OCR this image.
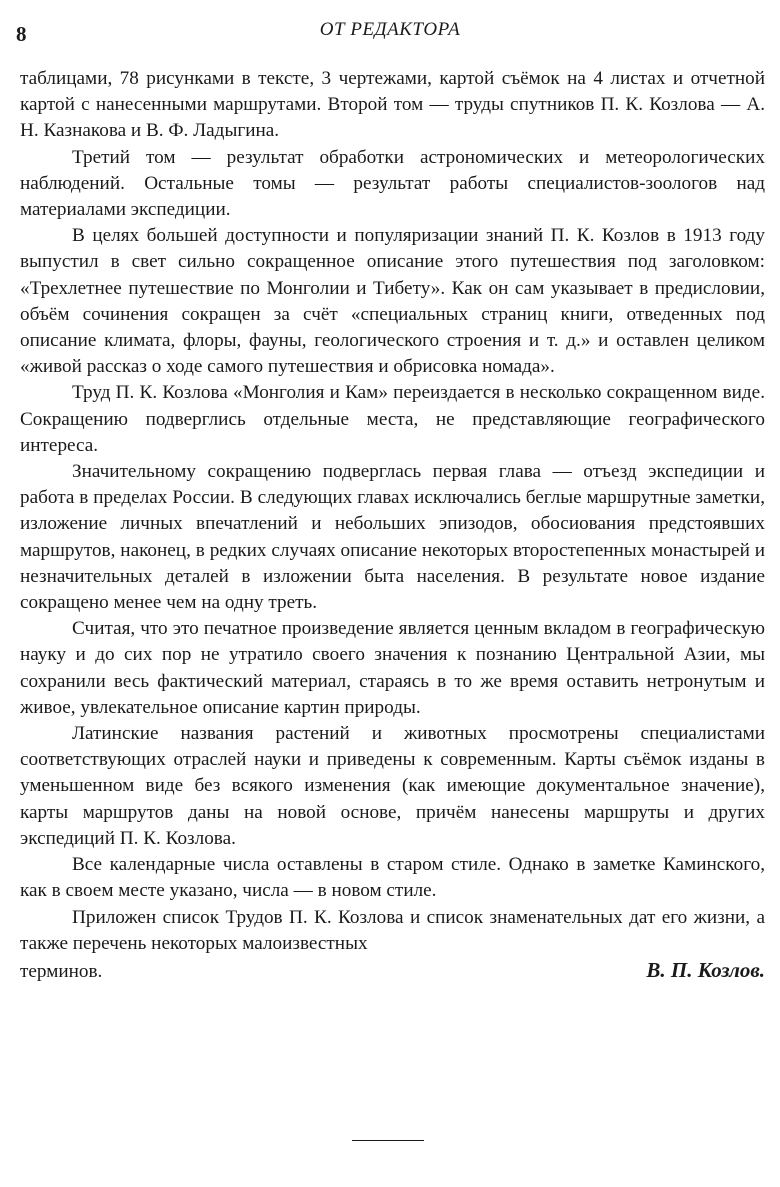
8	ОТ РЕДАКТОРА

таблицами, 78 рисунками в тексте, 3 чертежами, картой съёмок на 4 листах и отчетной картой с нанесенными маршрутами. Второй том — труды спутников П. К. Козлова — А. Н. Казнакова и В. Ф. Ладыгина.

Третий том — результат обработки астрономических и метеорологических наблюдений. Остальные томы — результат работы специалистов-зоологов над материалами экспедиции.

В целях большей доступности и популяризации знаний П. К. Козлов в 1913 году выпустил в свет сильно сокращенное описание этого путешествия под заголовком: «Трехлетнее путешествие по Монголии и Тибету». Как он сам указывает в предисловии, объём сочинения сокращен за счёт «специальных страниц книги, отведенных под описание климата, флоры, фауны, геологического строения и т. д.» и оставлен целиком «живой рассказ о ходе самого путешествия и обрисовка номада».

Труд П. К. Козлова «Монголия и Кам» переиздается в несколько сокращенном виде. Сокращению подверглись отдельные места, не представляющие географического интереса.

Значительному сокращению подверглась первая глава — отъезд экспедиции и работа в пределах России. В следующих главах исключались беглые маршрутные заметки, изложение личных впечатлений и небольших эпизодов, обосиования предстоявших маршрутов, наконец, в редких случаях описание некоторых второстепенных монастырей и незначительных деталей в изложении быта населения. В результате новое издание сокращено менее чем на одну треть.

Считая, что это печатное произведение является ценным вкладом в географическую науку и до сих пор не утратило своего значения к познанию Центральной Азии, мы сохранили весь фактический материал, стараясь в то же время оставить нетронутым и живое, увлекательное описание картин природы.

Латинские названия растений и животных просмотрены специалистами соответствующих отраслей науки и приведены к современным. Карты съёмок изданы в уменьшенном виде без всякого изменения (как имеющие документальное значение), карты маршрутов даны на новой основе, причём нанесены маршруты и других экспедиций П. К. Козлова.

Все календарные числа оставлены в старом стиле. Однако в заметке Каминского, как в своем месте указано, числа — в новом стиле.

Приложен список Трудов П. К. Козлова и список знаменательных дат его жизни, а также перечень некоторых малоизвестных

терминов.	В. П. Козлов.
